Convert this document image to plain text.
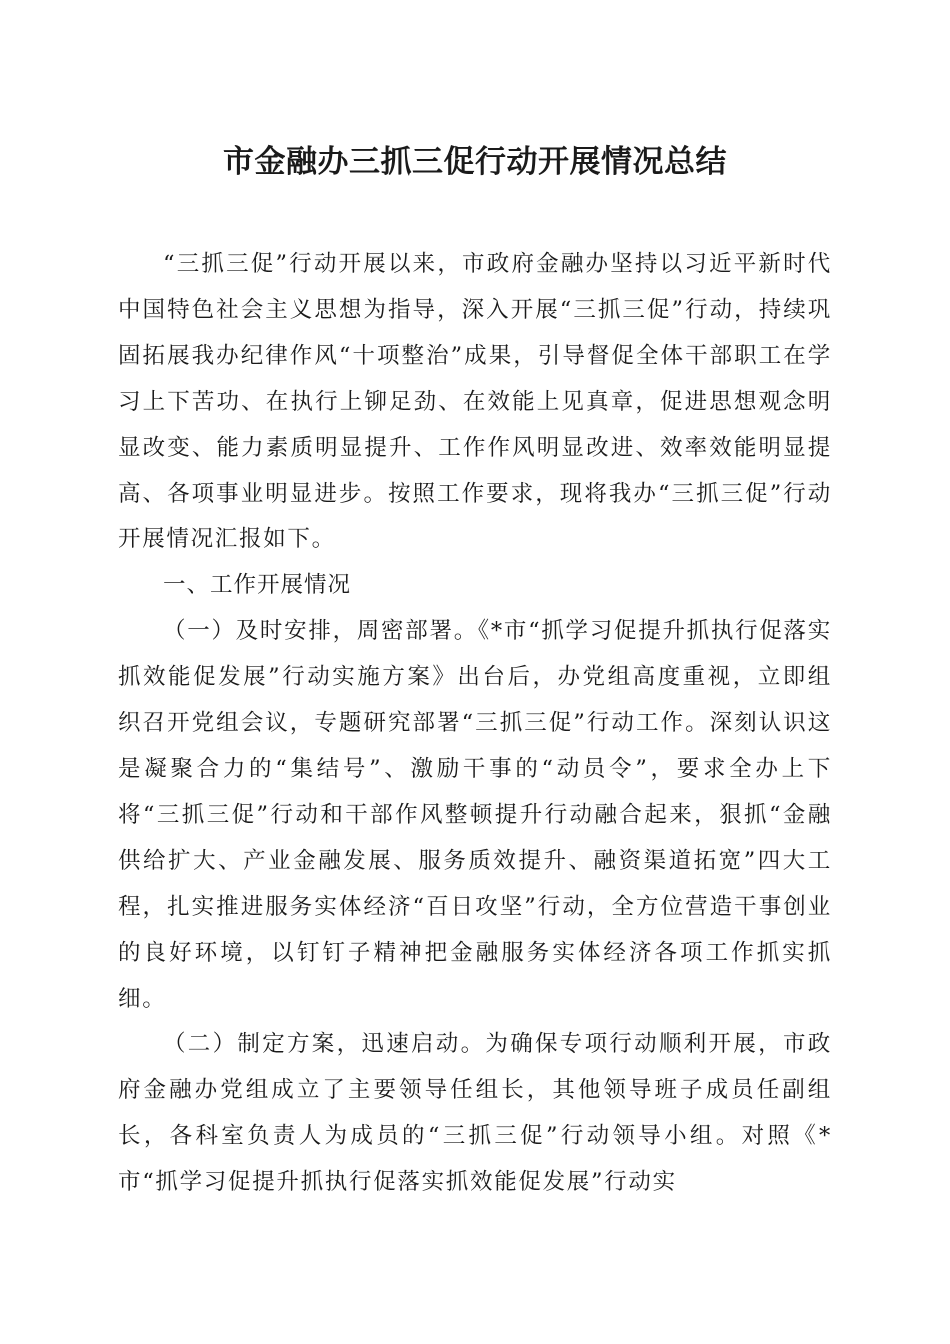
市金融办三抓三促行动开展情况总结

“三抓三促”行动开展以来，市政府金融办坚持以习近平新时代中国特色社会主义思想为指导，深入开展“三抓三促”行动，持续巩固拓展我办纪律作风“十项整治”成果，引导督促全体干部职工在学习上下苦功、在执行上铆足劲、在效能上见真章，促进思想观念明显改变、能力素质明显提升、工作作风明显改进、效率效能明显提高、各项事业明显进步。按照工作要求，现将我办“三抓三促”行动开展情况汇报如下。

一、工作开展情况

（一）及时安排，周密部署。《*市“抓学习促提升抓执行促落实抓效能促发展”行动实施方案》出台后，办党组高度重视，立即组织召开党组会议，专题研究部署“三抓三促”行动工作。深刻认识这是凝聚合力的“集结号”、激励干事的“动员令”，要求全办上下将“三抓三促”行动和干部作风整顿提升行动融合起来，狠抓“金融供给扩大、产业金融发展、服务质效提升、融资渠道拓宽”四大工程，扎实推进服务实体经济“百日攻坚”行动，全方位营造干事创业的良好环境，以钉钉子精神把金融服务实体经济各项工作抓实抓细。

（二）制定方案，迅速启动。为确保专项行动顺利开展，市政府金融办党组成立了主要领导任组长，其他领导班子成员任副组长，各科室负责人为成员的“三抓三促”行动领导小组。对照《*市“抓学习促提升抓执行促落实抓效能促发展”行动实
